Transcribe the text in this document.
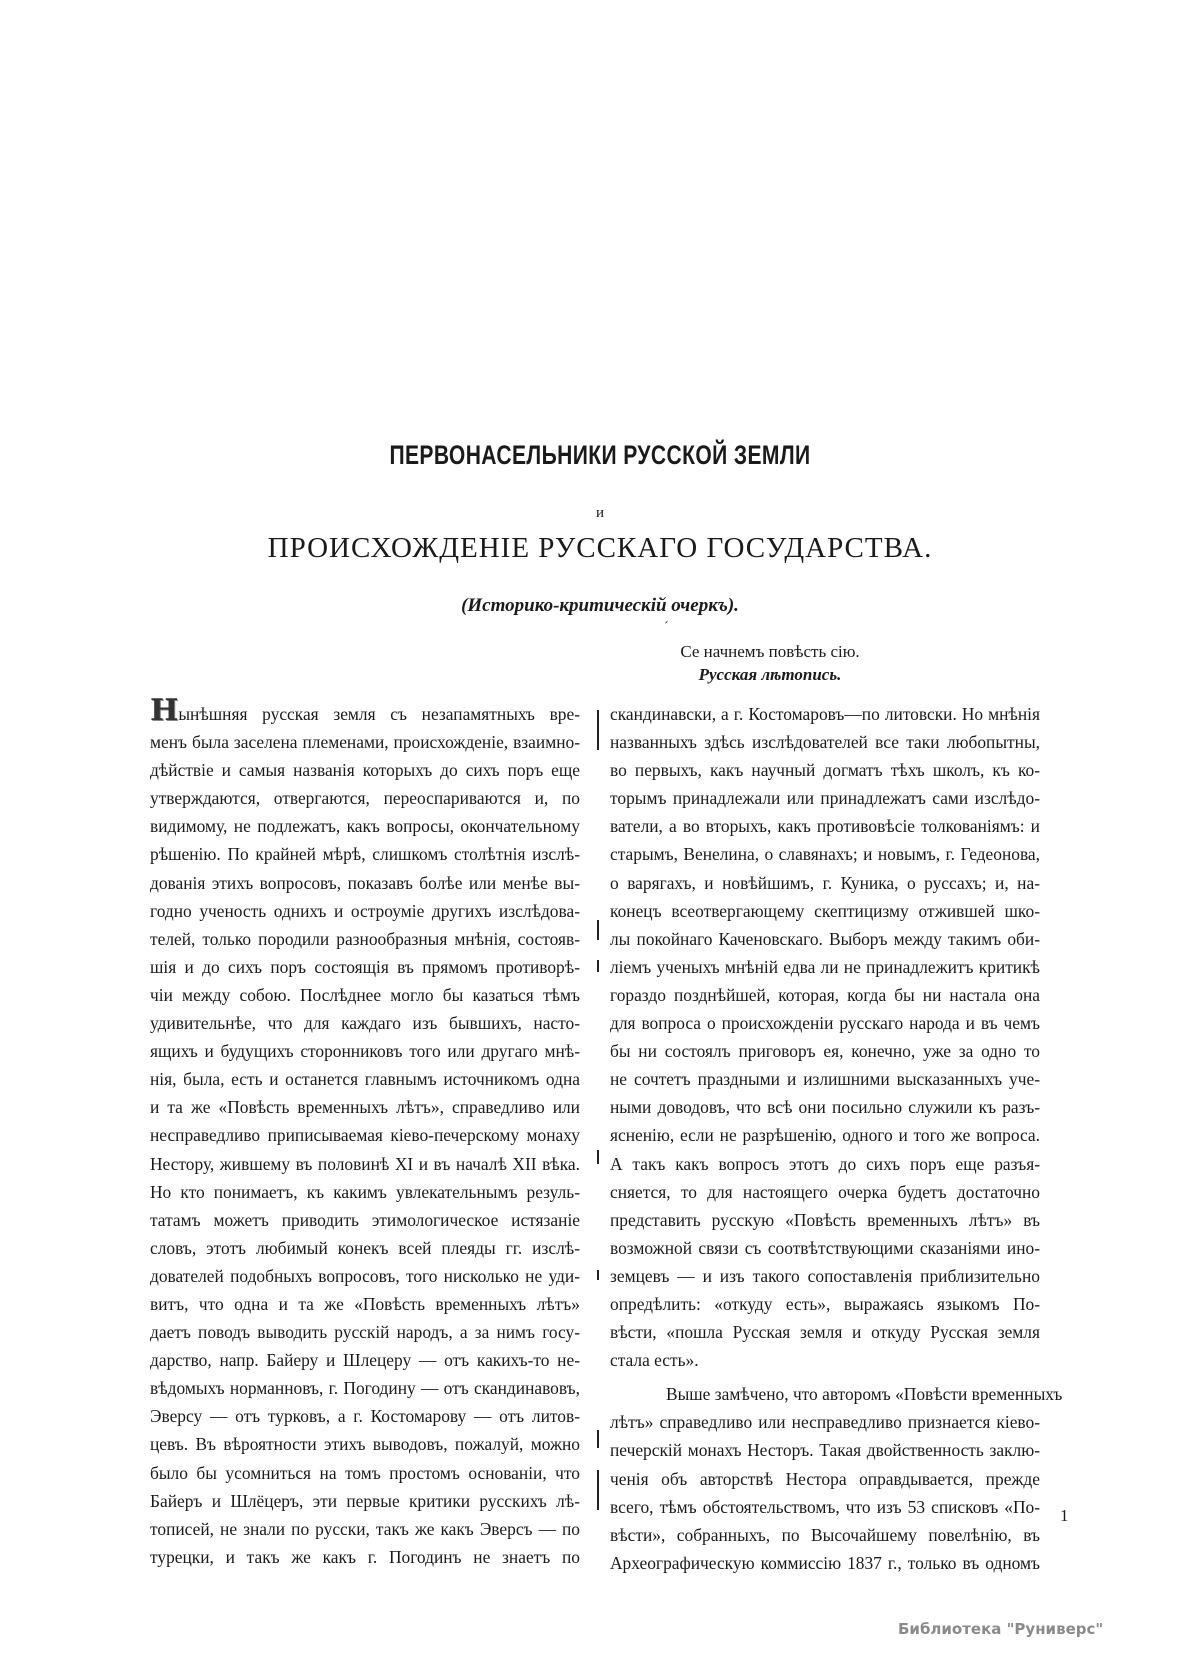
ПЕРВОНАСЕЛЬНИКИ РУССКОЙ ЗЕМЛИ
и
ПРОИСХОЖДЕНІЕ РУССКАГО ГОСУДАРСТВА.
(Историко-критическій очеркъ).
ˊ
Се начнемъ повѣсть сію.
Русская лѣтопись.

Нынѣшняя русская земля съ незапамятныхъ вре-
менъ была заселена племенами, происхожденіе, взаимно-
дѣйствіе и самыя названія которыхъ до сихъ поръ еще
утверждаются, отвергаются, переоспариваются и, по
видимому, не подлежатъ, какъ вопросы, окончательному
рѣшенію. По крайней мѣрѣ, слишкомъ столѣтнія изслѣ-
дованія этихъ вопросовъ, показавъ болѣе или менѣе вы-
годно ученость однихъ и остроуміе другихъ изслѣдова-
телей, только породили разнообразныя мнѣнія, состояв-
шія и до сихъ поръ состоящія въ прямомъ противорѣ-
чіи между собою. Послѣднее могло бы казаться тѣмъ
удивительнѣе, что для каждаго изъ бывшихъ, насто-
ящихъ и будущихъ сторонниковъ того или другаго мнѣ-
нія, была, есть и останется главнымъ источникомъ одна
и та же «Повѣсть временныхъ лѣтъ», справедливо или
несправедливо приписываемая кіево-печерскому монаху
Нестору, жившему въ половинѣ XI и въ началѣ XII вѣка.
Но кто понимаетъ, къ какимъ увлекательнымъ резуль-
татамъ можетъ приводить этимологическое истязаніе
словъ, этотъ любимый конекъ всей плеяды гг. изслѣ-
дователей подобныхъ вопросовъ, того нисколько не уди-
витъ, что одна и та же «Повѣсть временныхъ лѣтъ»
даетъ поводъ выводить русскій народъ, а за нимъ госу-
дарство, напр. Байеру и Шлецеру — отъ какихъ-то не-
вѣдомыхъ норманновъ, г. Погодину — отъ скандинавовъ,
Эверсу — отъ турковъ, а г. Костомарову — отъ литов-
цевъ. Въ вѣроятности этихъ выводовъ, пожалуй, можно
было бы усомниться на томъ простомъ основаніи, что
Байеръ и Шлёцеръ, эти первые критики русскихъ лѣ-
тописей, не знали по русски, такъ же какъ Эверсъ — по
турецки, и такъ же какъ г. Погодинъ не знаетъ по

скандинавски, а г. Костомаровъ—по литовски. Но мнѣнія
названныхъ здѣсь изслѣдователей все таки любопытны,
во первыхъ, какъ научный догматъ тѣхъ школъ, къ ко-
торымъ принадлежали или принадлежатъ сами изслѣдо-
ватели, а во вторыхъ, какъ противовѣсіе толкованіямъ: и
старымъ, Венелина, о славянахъ; и новымъ, г. Гедеонова,
о варягахъ, и новѣйшимъ, г. Куника, о руссахъ; и, на-
конецъ всеотвергающему скептицизму отжившей шко-
лы покойнаго Каченовскаго. Выборъ между такимъ оби-
ліемъ ученыхъ мнѣній едва ли не принадлежитъ критикѣ
гораздо позднѣйшей, которая, когда бы ни настала она
для вопроса о происхожденіи русскаго народа и въ чемъ
бы ни состоялъ приговоръ ея, конечно, уже за одно то
не сочтетъ праздными и излишними высказанныхъ уче-
ными доводовъ, что всѣ они посильно служили къ разъ-
ясненію, если не разрѣшенію, одного и того же вопроса.
А такъ какъ вопросъ этотъ до сихъ поръ еще разъя-
сняется, то для настоящего очерка будетъ достаточно
представить русскую «Повѣсть временныхъ лѣтъ» въ
возможной связи съ соотвѣтствующими сказаніями ино-
земцевъ — и изъ такого сопоставленія приблизительно
опредѣлить: «откуду есть», выражаясь языкомъ По-
вѣсти, «пошла Русская земля и откуду Русская земля
стала есть».

Выше замѣчено, что авторомъ «Повѣсти временныхъ
лѣтъ» справедливо или несправедливо признается кіево-
печерскій монахъ Несторъ. Такая двойственность заклю-
ченія объ авторствѣ Нестора оправдывается, прежде
всего, тѣмъ обстоятельствомъ, что изъ 53 списковъ «По-
вѣсти», собранныхъ, по Высочайшему повелѣнію, въ
Археографическую коммиссію 1837 г., только въ одномъ

1
Библиотека "Руниверс"
